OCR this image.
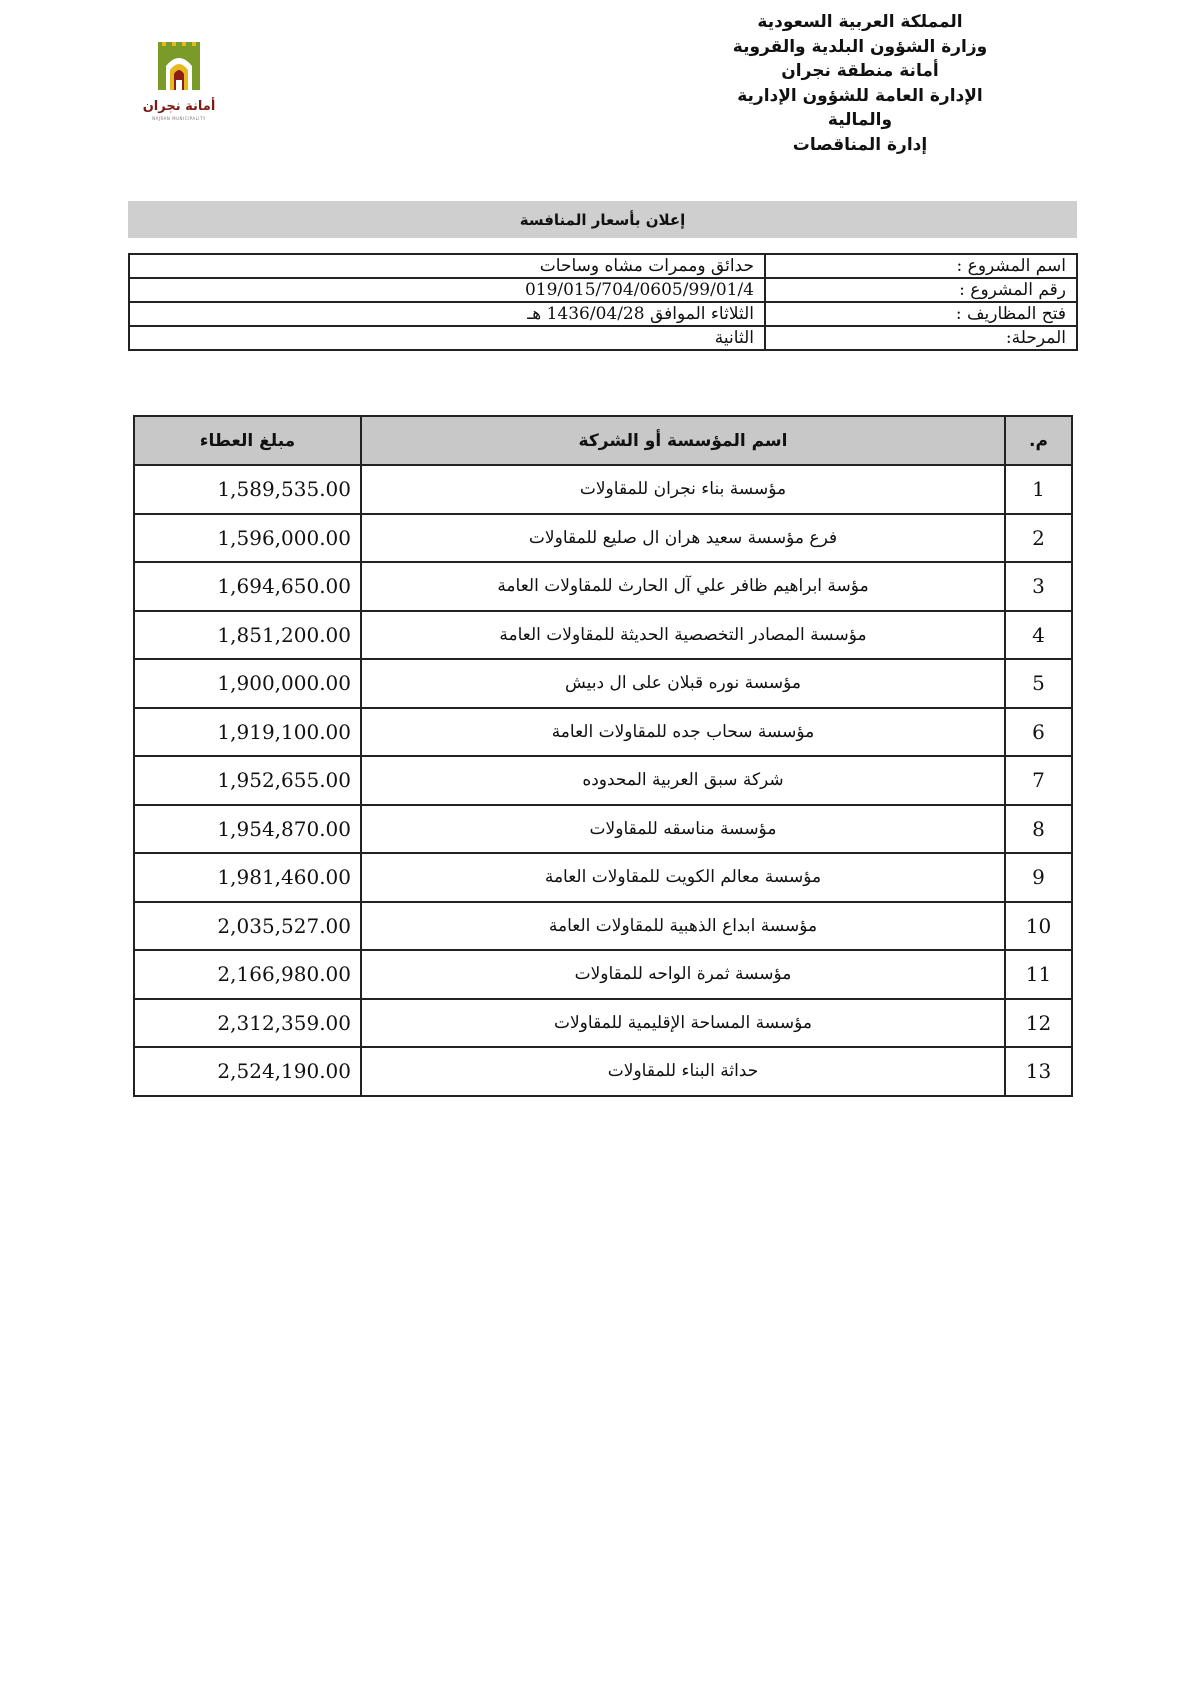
المملكة العربية السعودية
وزارة الشؤون البلدية والقروية
أمانة منطقة نجران
الإدارة العامة للشؤون الإدارية
والمالية
إدارة المناقصات
أمانة نجران
NAJRAN MUNICIPALITY
إعلان بأسعار المنافسة
اسم المشروع :	حدائق وممرات مشاه وساحات
رقم المشروع :	019/015/704/0605/99/01/4
فتح المظاريف :	الثلاثاء الموافق 1436/04/28 هـ
المرحلة:	الثانية
م.	اسم المؤسسة أو الشركة	مبلغ العطاء
1	مؤسسة بناء نجران للمقاولات	1,589,535.00

2	فرع مؤسسة سعيد هران ال صليع للمقاولات	1,596,000.00

3	مؤسة ابراهيم ظافر علي آل الحارث للمقاولات العامة	1,694,650.00

4	مؤسسة المصادر التخصصية الحديثة للمقاولات العامة	1,851,200.00

5	مؤسسة نوره قبلان على ال دبيش	1,900,000.00

6	مؤسسة سحاب جده للمقاولات العامة	1,919,100.00

7	شركة سبق العربية المحدوده	1,952,655.00

8	مؤسسة مناسقه للمقاولات	1,954,870.00

9	مؤسسة معالم الكويت للمقاولات العامة	1,981,460.00

10	مؤسسة ابداع الذهبية للمقاولات العامة	2,035,527.00

11	مؤسسة ثمرة الواحه للمقاولات	2,166,980.00

12	مؤسسة المساحة الإقليمية للمقاولات	2,312,359.00

13	حداثة البناء للمقاولات	2,524,190.00
